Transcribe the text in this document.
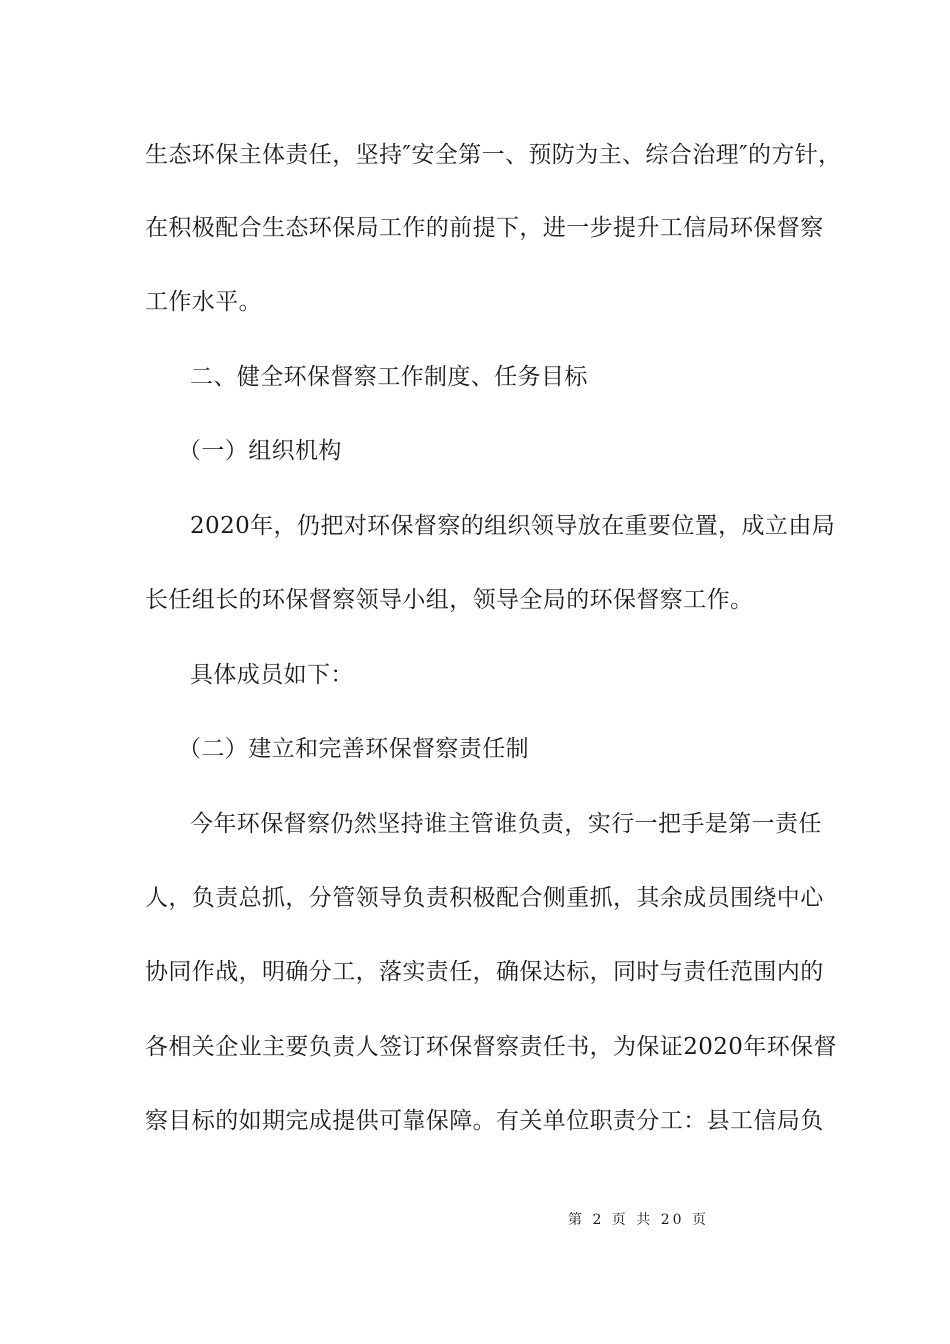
生态环保主体责任，坚持″安全第一、预防为主、综合治理″的方针，
在积极配合生态环保局工作的前提下，进一步提升工信局环保督察
工作水平。
二、健全环保督察工作制度、任务目标
（一）组织机构
2020年，仍把对环保督察的组织领导放在重要位置，成立由局
长任组长的环保督察领导小组，领导全局的环保督察工作。
具体成员如下：
（二）建立和完善环保督察责任制
今年环保督察仍然坚持谁主管谁负责，实行一把手是第一责任
人，负责总抓，分管领导负责积极配合侧重抓，其余成员围绕中心
协同作战，明确分工，落实责任，确保达标，同时与责任范围内的
各相关企业主要负责人签订环保督察责任书，为保证2020年环保督
察目标的如期完成提供可靠保障。有关单位职责分工：县工信局负
第 2 页 共 20 页
